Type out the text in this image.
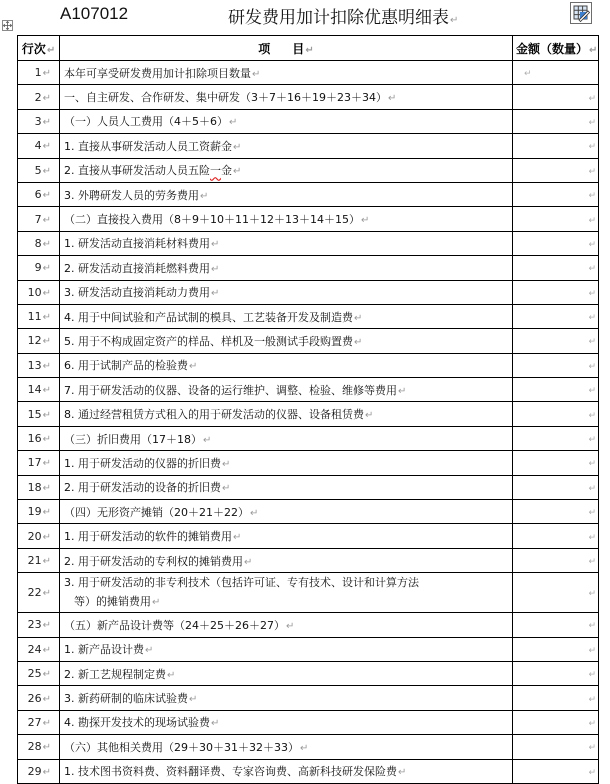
A107012	研发费用加计扣除优惠明细表↵
行次↵	项 目↵	金额（数量）↵
1↵	本年可享受研发费用加计扣除项目数量↵	↵
2↵	一、自主研发、合作研发、集中研发（3＋7＋16＋19＋23＋34）↵	↵
3↵	（一）人员人工费用（4＋5＋6）↵	↵
4↵	1. 直接从事研发活动人员工资薪金↵	↵
5↵	2. 直接从事研发活动人员五险一金↵	↵
6↵	3. 外聘研发人员的劳务费用↵	↵
7↵	（二）直接投入费用（8＋9＋10＋11＋12＋13＋14＋15）↵	↵
8↵	1. 研发活动直接消耗材料费用↵	↵
9↵	2. 研发活动直接消耗燃料费用↵	↵
10↵	3. 研发活动直接消耗动力费用↵	↵
11↵	4. 用于中间试验和产品试制的模具、工艺装备开发及制造费↵	↵
12↵	5. 用于不构成固定资产的样品、样机及一般测试手段购置费↵	↵
13↵	6. 用于试制产品的检验费↵	↵
14↵	7. 用于研发活动的仪器、设备的运行维护、调整、检验、维修等费用↵	↵
15↵	8. 通过经营租赁方式租入的用于研发活动的仪器、设备租赁费↵	↵
16↵	（三）折旧费用（17＋18）↵	↵
17↵	1. 用于研发活动的仪器的折旧费↵	↵
18↵	2. 用于研发活动的设备的折旧费↵	↵
19↵	（四）无形资产摊销（20＋21＋22）↵	↵
20↵	1. 用于研发活动的软件的摊销费用↵	↵
21↵	2. 用于研发活动的专利权的摊销费用↵	↵
22↵	3. 用于研发活动的非专利技术（包括许可证、专有技术、设计和计算方法
等）的摊销费用↵	↵
23↵	（五）新产品设计费等（24＋25＋26＋27）↵	↵
24↵	1. 新产品设计费↵	↵
25↵	2. 新工艺规程制定费↵	↵
26↵	3. 新药研制的临床试验费↵	↵
27↵	4. 勘探开发技术的现场试验费↵	↵
28↵	（六）其他相关费用（29＋30＋31＋32＋33）↵	↵
29↵	1. 技术图书资料费、资料翻译费、专家咨询费、高新科技研发保险费↵	↵
